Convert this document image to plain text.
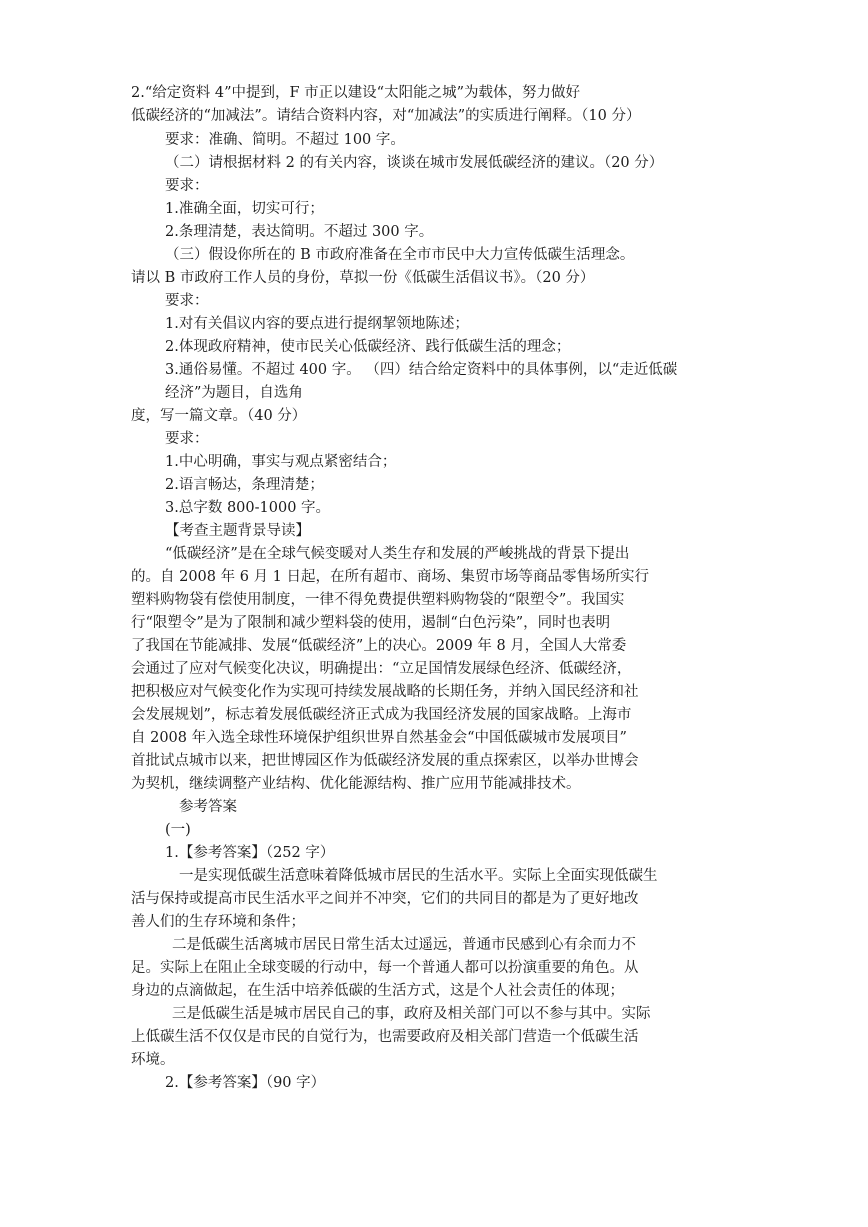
2.“给定资料 4”中提到，F 市正以建设“太阳能之城”为载体，努力做好

低碳经济的“加减法”。请结合资料内容，对“加减法”的实质进行阐释。（10 分）

要求：准确、简明。不超过 100 字。

（二）请根据材料 2 的有关内容，谈谈在城市发展低碳经济的建议。（20 分）

要求：

1.准确全面，切实可行；

2.条理清楚，表达简明。不超过 300 字。

（三）假设你所在的 B 市政府准备在全市市民中大力宣传低碳生活理念。

请以 B 市政府工作人员的身份，草拟一份《低碳生活倡议书》。（20 分）

要求：

1.对有关倡议内容的要点进行提纲挈领地陈述；

2.体现政府精神，使市民关心低碳经济、践行低碳生活的理念；

3.通俗易懂。不超过 400 字。 （四）结合给定资料中的具体事例，以“走近低碳

经济”为题目，自选角

度，写一篇文章。（40 分）

要求：

1.中心明确，事实与观点紧密结合；

2.语言畅达，条理清楚；

3.总字数 800-1000 字。

【考查主题背景导读】

“低碳经济”是在全球气候变暖对人类生存和发展的严峻挑战的背景下提出

的。自 2008 年 6 月 1 日起，在所有超市、商场、集贸市场等商品零售场所实行

塑料购物袋有偿使用制度，一律不得免费提供塑料购物袋的“限塑令”。我国实

行“限塑令”是为了限制和减少塑料袋的使用，遏制“白色污染”，同时也表明

了我国在节能减排、发展“低碳经济”上的决心。2009 年 8 月，全国人大常委

会通过了应对气候变化决议，明确提出：“立足国情发展绿色经济、低碳经济，

把积极应对气候变化作为实现可持续发展战略的长期任务，并纳入国民经济和社

会发展规划”，标志着发展低碳经济正式成为我国经济发展的国家战略。上海市

自 2008 年入选全球性环境保护组织世界自然基金会“中国低碳城市发展项目”

首批试点城市以来，把世博园区作为低碳经济发展的重点探索区，以举办世博会

为契机，继续调整产业结构、优化能源结构、推广应用节能减排技术。

参考答案

(一)

1.【参考答案】（252 字）

一是实现低碳生活意味着降低城市居民的生活水平。实际上全面实现低碳生

活与保持或提高市民生活水平之间并不冲突，它们的共同目的都是为了更好地改

善人们的生存环境和条件；

二是低碳生活离城市居民日常生活太过遥远，普通市民感到心有余而力不

足。实际上在阻止全球变暖的行动中，每一个普通人都可以扮演重要的角色。从

身边的点滴做起，在生活中培养低碳的生活方式，这是个人社会责任的体现；

三是低碳生活是城市居民自己的事，政府及相关部门可以不参与其中。实际

上低碳生活不仅仅是市民的自觉行为，也需要政府及相关部门营造一个低碳生活

环境。

2.【参考答案】（90 字）
